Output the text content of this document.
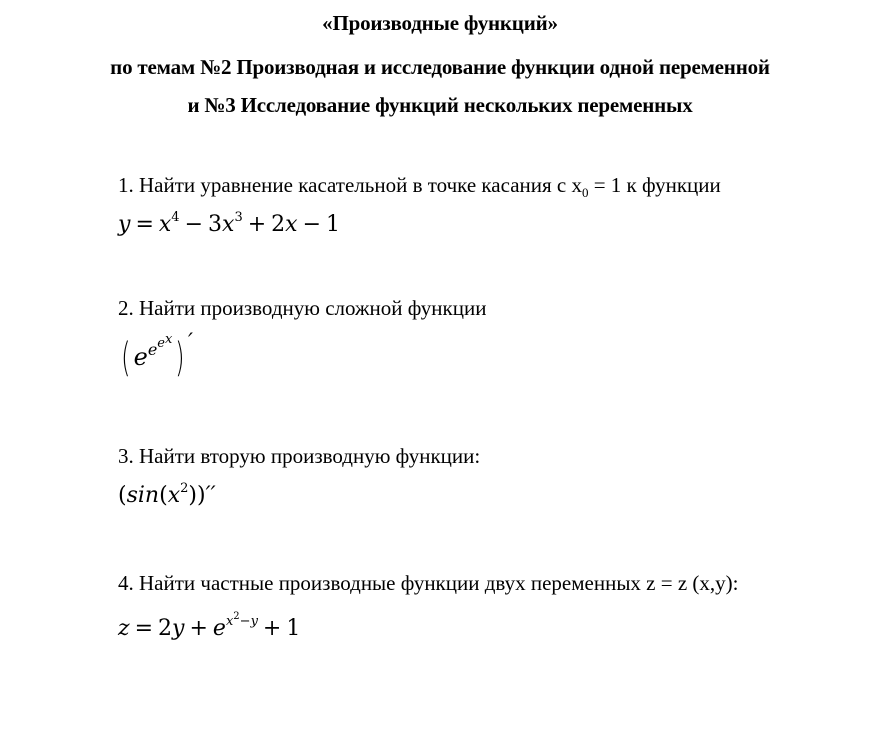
«Производные функций»
по темам №2 Производная и исследование функции одной переменной
и №3 Исследование функций нескольких переменных
1. Найти уравнение касательной в точке касания с $x_0 = 1$ к функции
$y = x^4 - 3x^3 + 2x - 1$
2. Найти производную сложной функции
( $e^{eex}$) ′
3. Найти вторую производную функции:
$(\sin(x^2))''$
4. Найти частные производные функции двух переменных z = z (x,y):
$z = 2y + e^{x^2-y} + 1$
